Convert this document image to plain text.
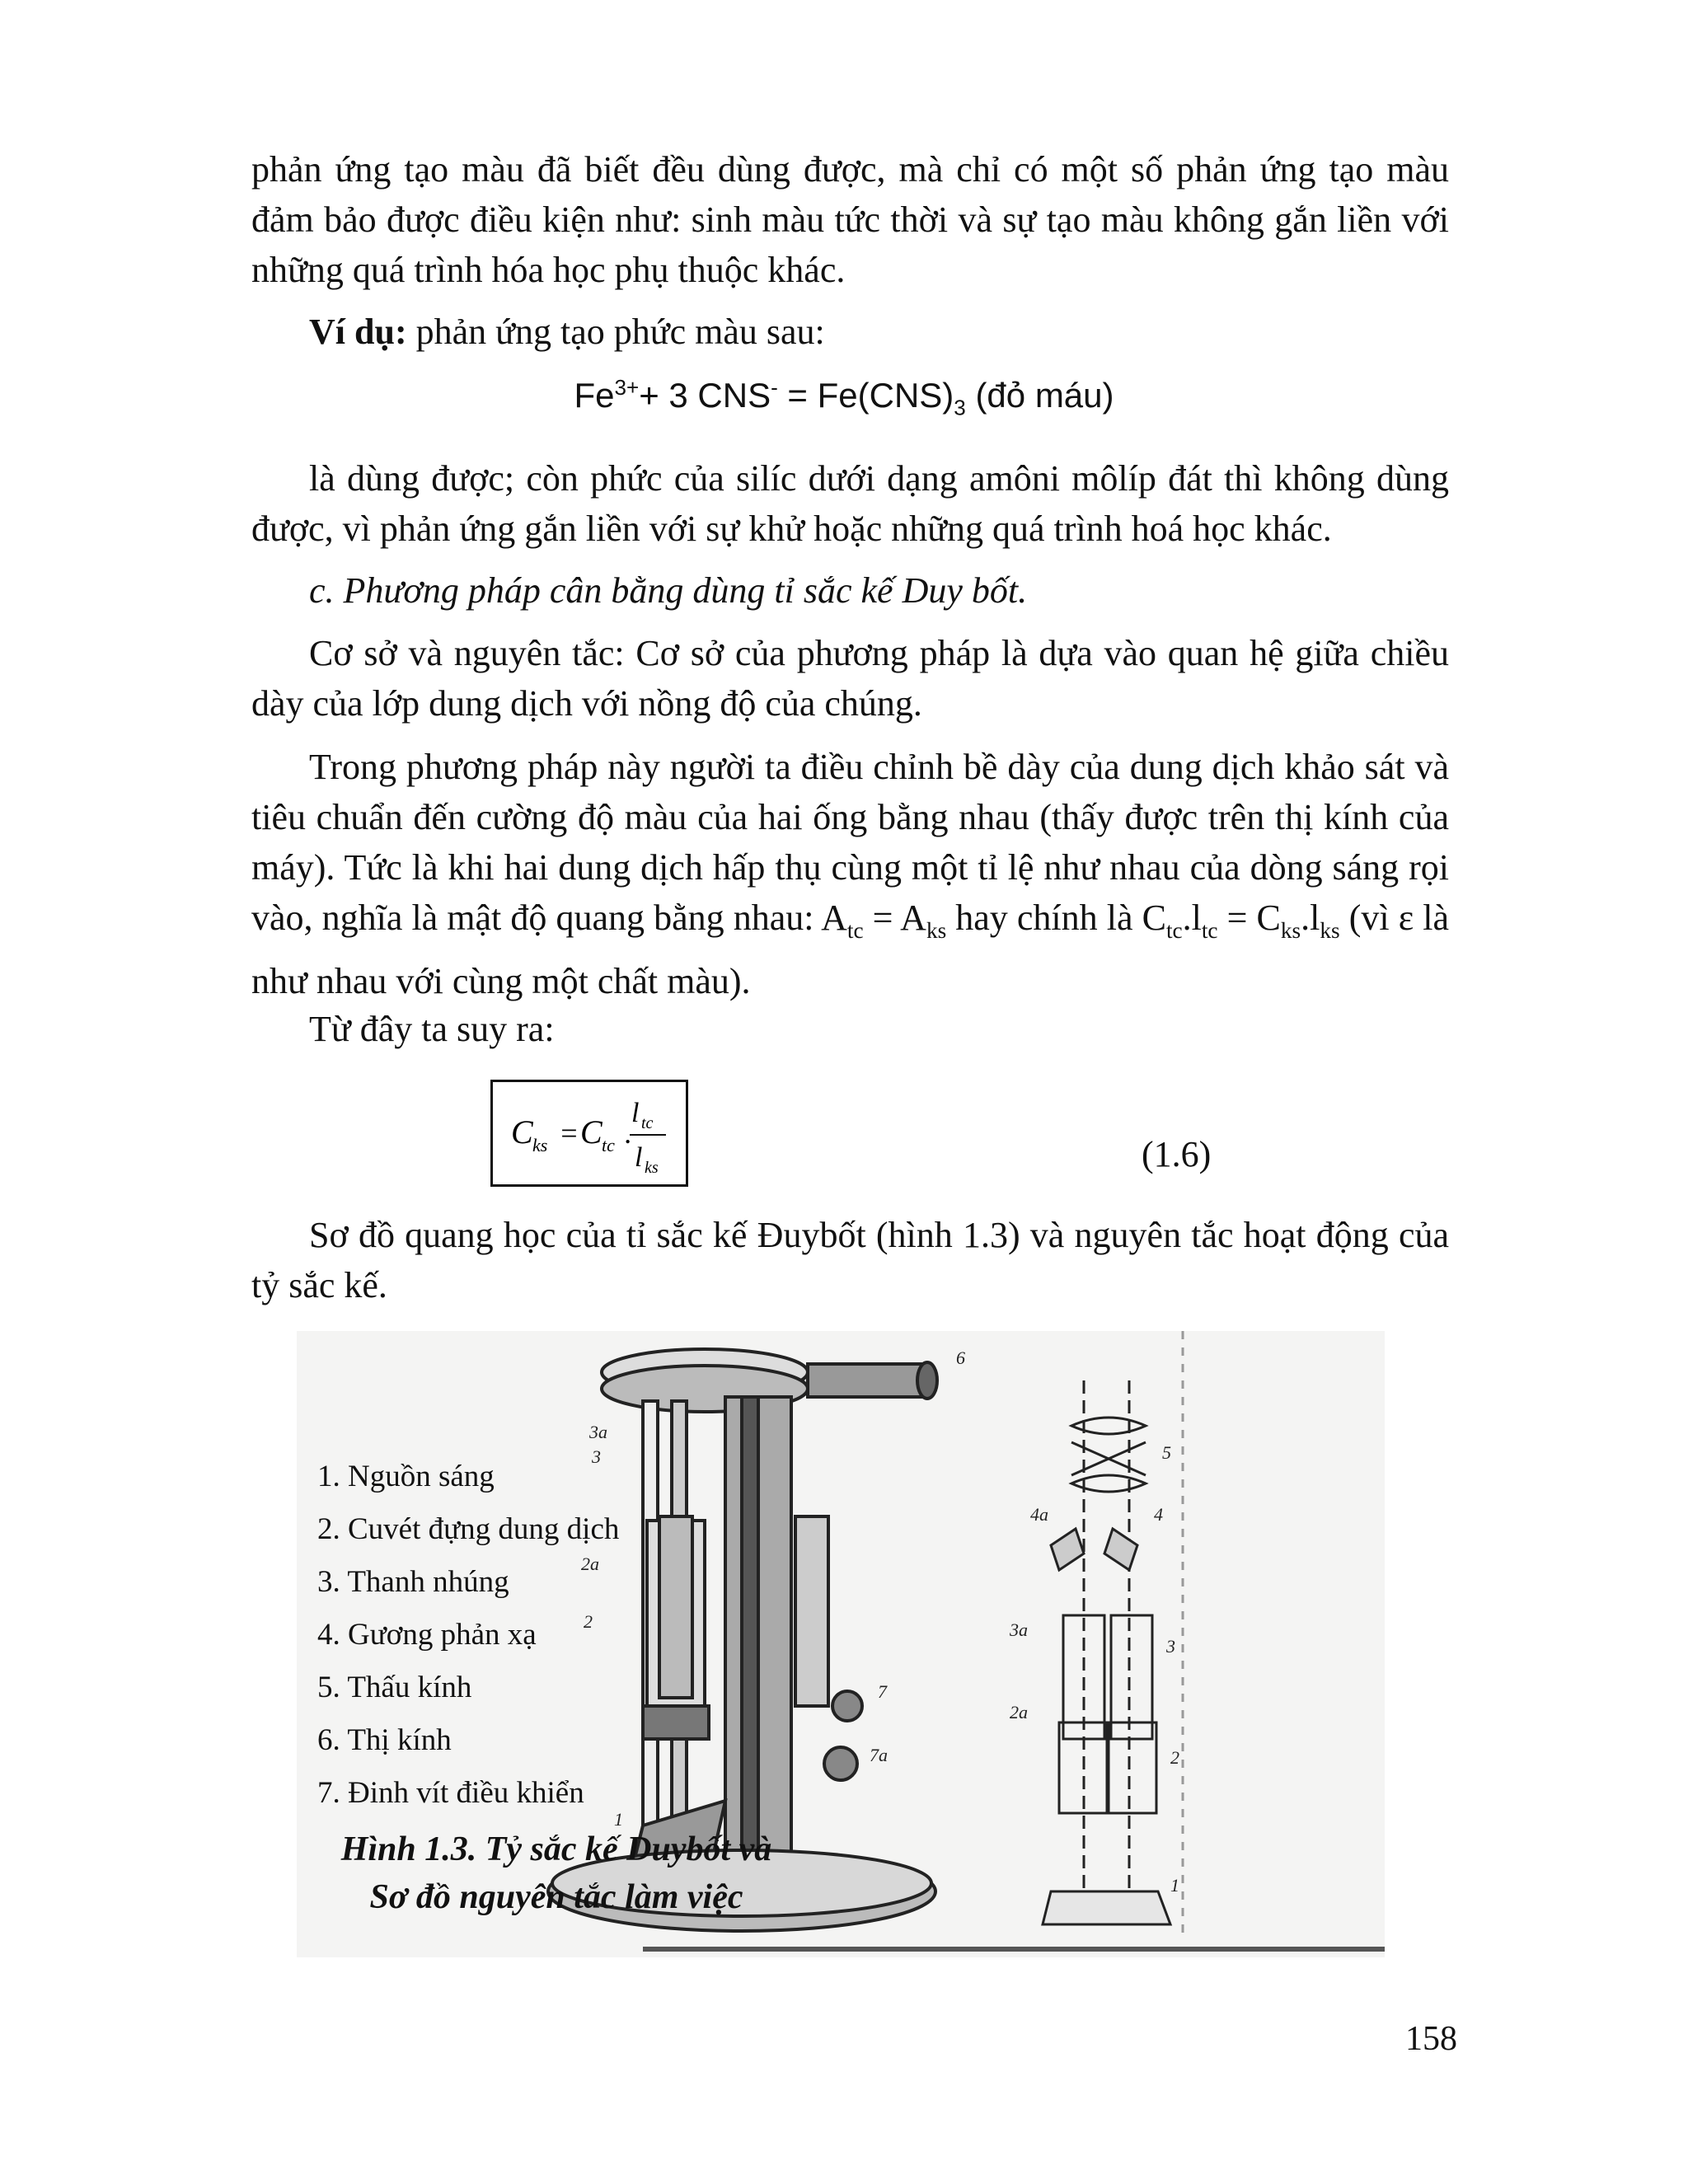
phản ứng tạo màu đã biết đều dùng được, mà chỉ có một số phản ứng tạo màu đảm bảo được điều kiện như: sinh màu tức thời và sự tạo màu không gắn liền với những quá trình hóa học phụ thuộc khác.

Ví dụ: phản ứng tạo phức màu sau:

$Fe^{3+}+ 3$ $CNS^- = Fe(CNS)_3$ (đỏ máu)

là dùng được; còn phức của silíc dưới dạng amôni môlíp đát thì không dùng được, vì phản ứng gắn liền với sự khử hoặc những quá trình hoá học khác.

c. Phương pháp cân bằng dùng tỉ sắc kế Duy bốt.

Cơ sở và nguyên tắc: Cơ sở của phương pháp là dựa vào quan hệ giữa chiều dày của lớp dung dịch với nồng độ của chúng.

Trong phương pháp này người ta điều chỉnh bề dày của dung dịch khảo sát và tiêu chuẩn đến cường độ màu của hai ống bằng nhau (thấy được trên thị kính của máy). Tức là khi hai dung dịch hấp thụ cùng một tỉ lệ như nhau của dòng sáng rọi vào, nghĩa là mật độ quang bằng nhau: $A_{tc} = A_{ks}$ hay chính là $C_{tc}.l_{tc} = C_{ks}.l_{ks}$ (vì ε là như nhau với cùng một chất màu).

Từ đây ta suy ra:

C ks = C tc .
l tc
l ks	(1.6)

Sơ đồ quang học của tỉ sắc kế Đuybốt (hình 1.3) và nguyên tắc hoạt động của tỷ sắc kế.

6
3a
3
2a
2
7
7a
1
5
4a	4
3a
3
2a
2
1
1. Nguồn sáng
2. Cuvét đựng dung dịch
3. Thanh nhúng
4. Gương phản xạ
5. Thấu kính
6. Thị kính
7. Đinh vít điều khiển
Hình 1.3. Tỷ sắc kế Duybốt và
Sơ đồ nguyên tắc làm việc
158
